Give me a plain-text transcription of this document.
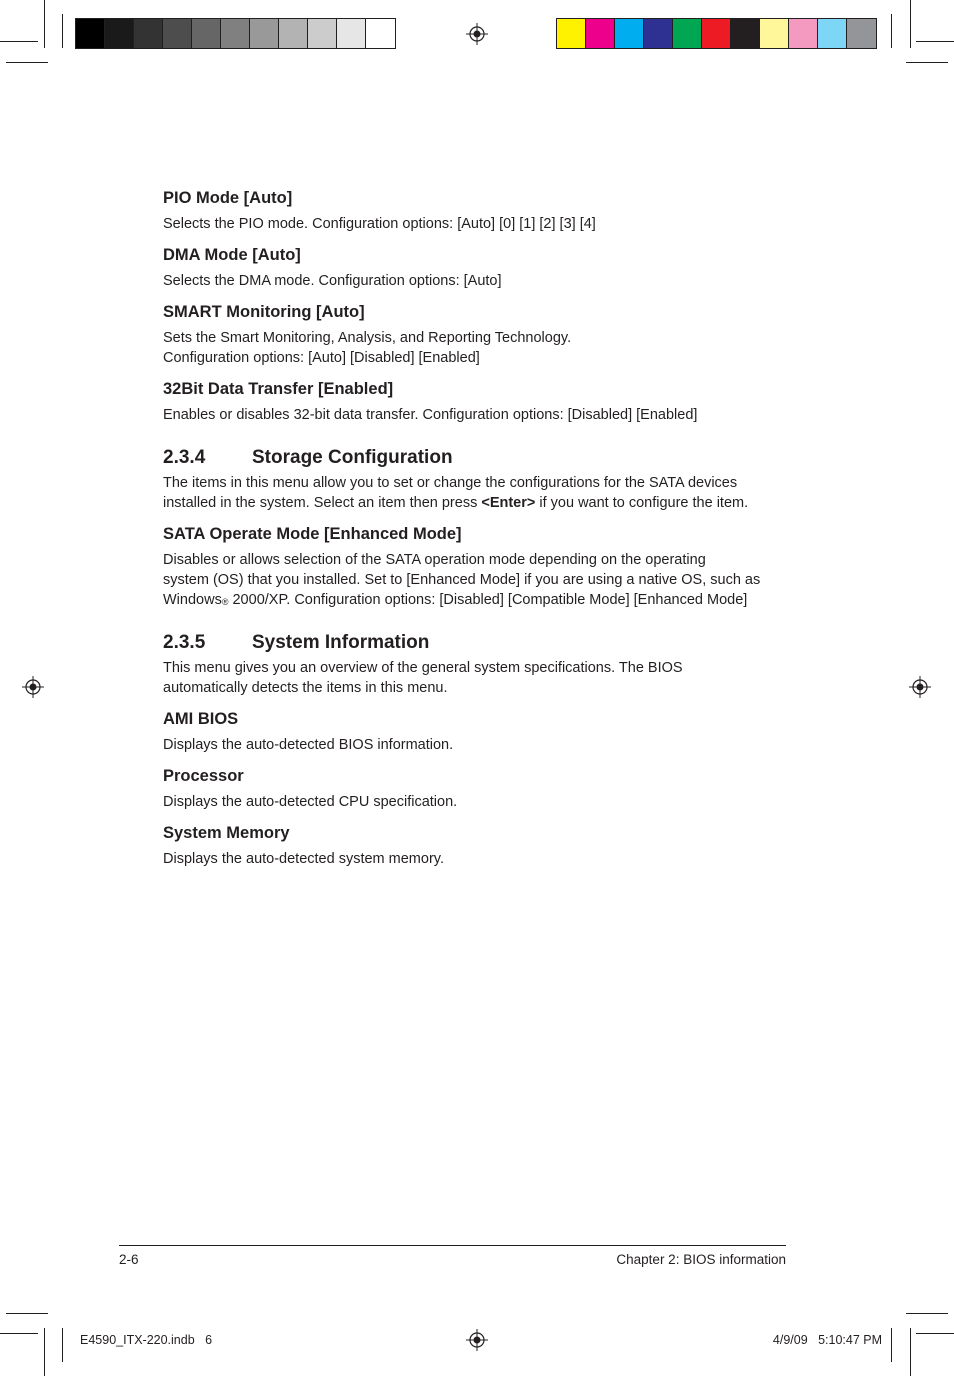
PIO Mode [Auto]

Selects the PIO mode. Configuration options: [Auto] [0] [1] [2] [3] [4]

DMA Mode [Auto]

Selects the DMA mode. Configuration options: [Auto]

SMART Monitoring [Auto]

Sets the Smart Monitoring, Analysis, and Reporting Technology.
Configuration options: [Auto] [Disabled] [Enabled]

32Bit Data Transfer [Enabled]

Enables or disables 32-bit data transfer. Configuration options: [Disabled] [Enabled]

2.3.4	Storage Configuration

The items in this menu allow you to set or change the configurations for the SATA devices
installed in the system. Select an item then press <Enter> if you want to configure the item.

SATA Operate Mode [Enhanced Mode]

Disables or allows selection of the SATA operation mode depending on the operating
system (OS) that you installed. Set to [Enhanced Mode] if you are using a native OS, such as
Windows® 2000/XP. Configuration options: [Disabled] [Compatible Mode] [Enhanced Mode]

2.3.5	System Information

This menu gives you an overview of the general system specifications. The BIOS
automatically detects the items in this menu.

AMI BIOS

Displays the auto-detected BIOS information.

Processor

Displays the auto-detected CPU specification.

System Memory

Displays the auto-detected system memory.

2-6	Chapter 2: BIOS information
E4590_ITX-220.indb   6	4/9/09   5:10:47 PM
